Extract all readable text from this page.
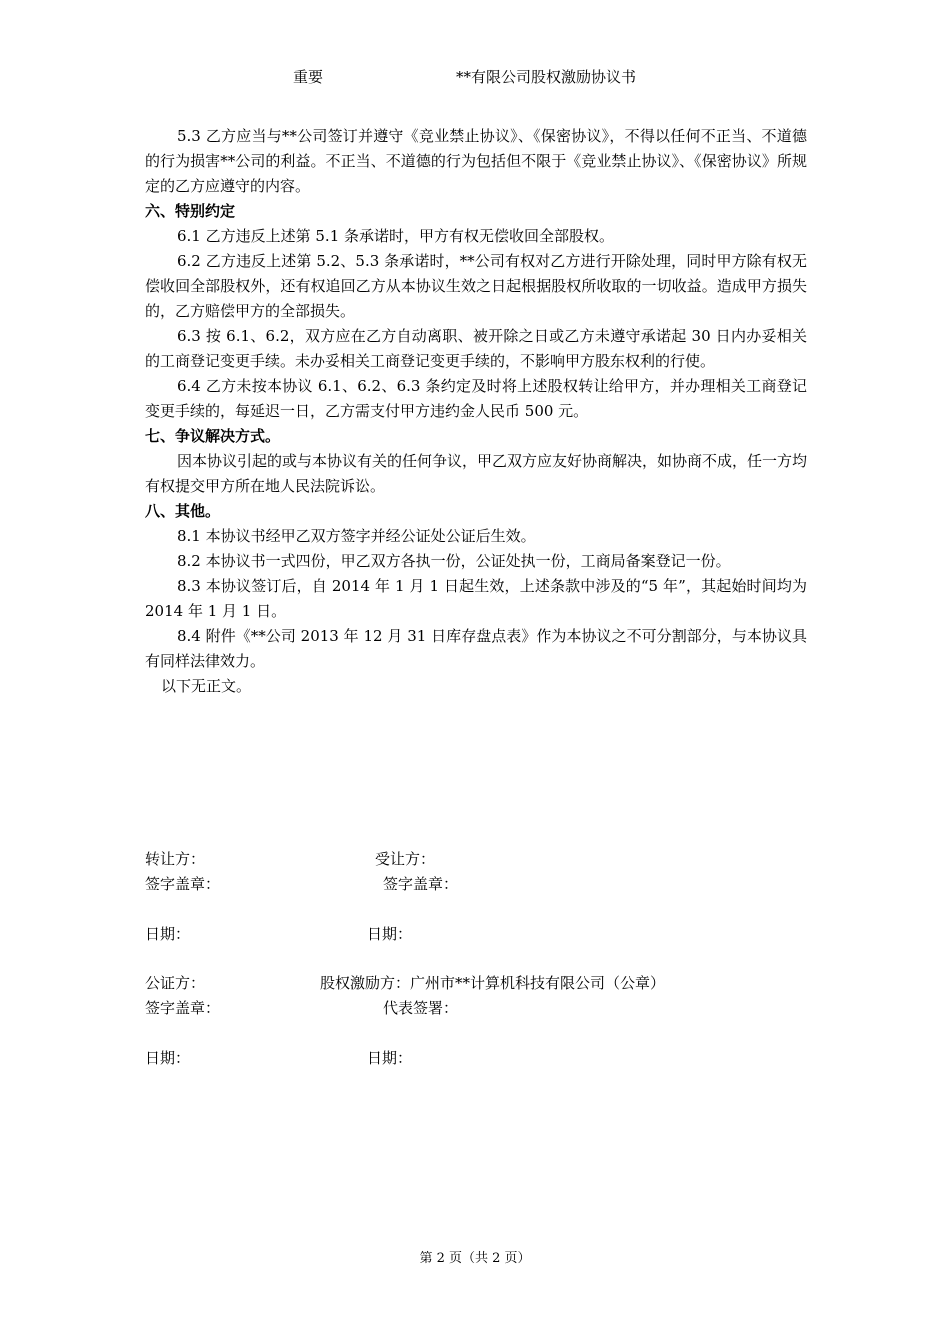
重要	**有限公司股权激励协议书

5.3 乙方应当与**公司签订并遵守《竞业禁止协议》、《保密协议》，不得以任何不正当、不道德的行为损害**公司的利益。不正当、不道德的行为包括但不限于《竞业禁止协议》、《保密协议》所规定的乙方应遵守的内容。

六、特别约定

6.1 乙方违反上述第 5.1 条承诺时，甲方有权无偿收回全部股权。

6.2 乙方违反上述第 5.2、5.3 条承诺时，**公司有权对乙方进行开除处理，同时甲方除有权无偿收回全部股权外，还有权追回乙方从本协议生效之日起根据股权所收取的一切收益。造成甲方损失的，乙方赔偿甲方的全部损失。

6.3 按 6.1、6.2，双方应在乙方自动离职、被开除之日或乙方未遵守承诺起 30 日内办妥相关的工商登记变更手续。未办妥相关工商登记变更手续的，不影响甲方股东权利的行使。

6.4 乙方未按本协议 6.1、6.2、6.3 条约定及时将上述股权转让给甲方，并办理相关工商登记变更手续的，每延迟一日，乙方需支付甲方违约金人民币 500 元。

七、争议解决方式。

因本协议引起的或与本协议有关的任何争议，甲乙双方应友好协商解决，如协商不成，任一方均有权提交甲方所在地人民法院诉讼。

八、其他。

8.1 本协议书经甲乙双方签字并经公证处公证后生效。

8.2 本协议书一式四份，甲乙双方各执一份，公证处执一份，工商局备案登记一份。

8.3 本协议签订后，自 2014 年 1 月 1 日起生效，上述条款中涉及的“5 年”，其起始时间均为 2014 年 1 月 1 日。

8.4 附件《**公司 2013 年 12 月 31 日库存盘点表》作为本协议之不可分割部分，与本协议具有同样法律效力。

以下无正文。

转让方：	受让方：
签字盖章：	签字盖章：
日期：	日期：
公证方：	股权激励方：广州市**计算机科技有限公司（公章）
签字盖章：	代表签署：
日期：	日期：
第 2 页（共 2 页）
